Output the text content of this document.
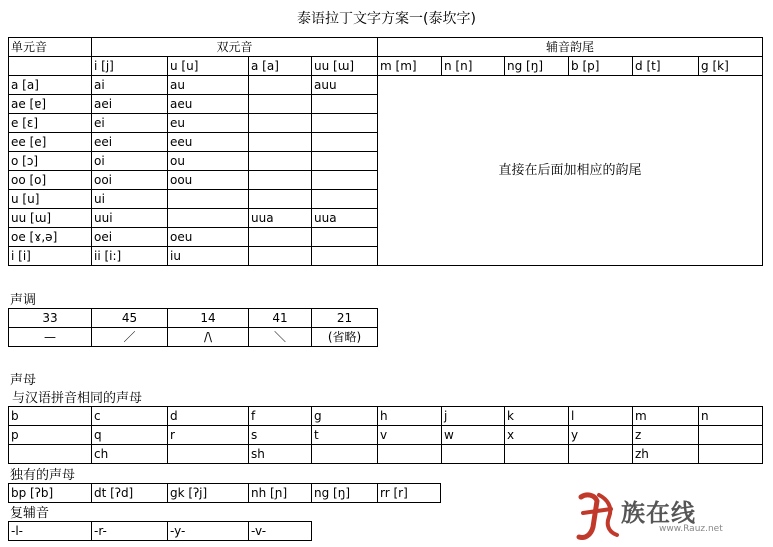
泰语拉丁文字方案一(泰坎字)
单元音	双元音				辅音韵尾					
	i [j]	u [u]	a [a]	uu [ɯ]	m [m]	n [n]	ng [ŋ]	b [p]	d [t]	g [k]
a [a]	ai	au		auu	直接在后面加相应的韵尾					
ae [ɐ]	aei	aeu								
e [ɛ]	ei	eu								
ee [e]	eei	eeu								
o [ɔ]	oi	ou								
oo [o]	ooi	oou								
u [u]	ui									
uu [ɯ]	uui		uua	uua						
oe [ɤ,ə]	oei	oeu								
i [i]	ii [i:]	iu								
声调
33	45	14	41	21
—	／	/\	＼	(省略)
声母
与汉语拼音相同的声母
b	c	d	f	g	h	j	k	l	m	n
p	q	r	s	t	v	w	x	y	z	
	ch		sh						zh	
独有的声母
bp [ʔb]	dt [ʔd]	gk [ʔj]	nh [ɲ]	ng [ŋ]	rr [r]
复辅音
-l-	-r-	-y-	-v-
族在线
www.Rauz.net
